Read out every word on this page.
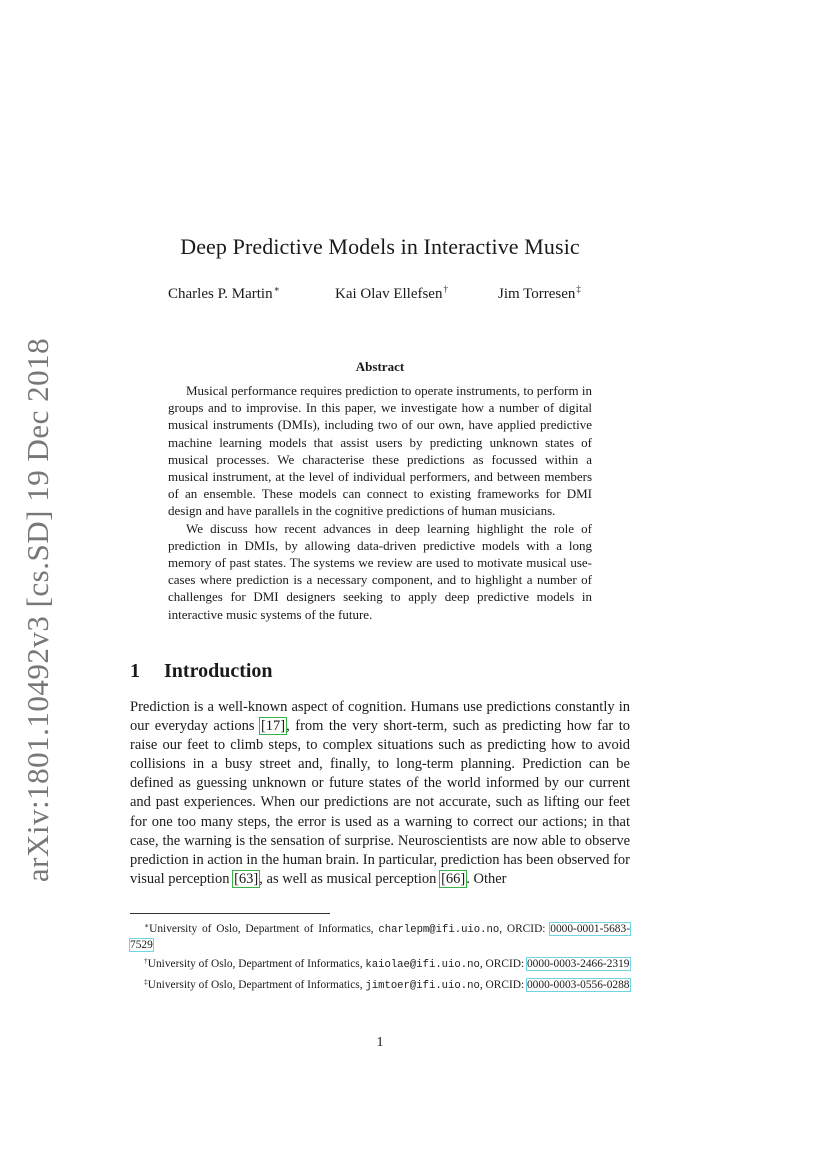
arXiv:1801.10492v3 [cs.SD] 19 Dec 2018
Deep Predictive Models in Interactive Music
Charles P. Martin∗	Kai Olav Ellefsen†	Jim Torresen‡
Abstract

Musical performance requires prediction to operate instruments, to perform in groups and to improvise. In this paper, we investigate how a number of digital musical instruments (DMIs), including two of our own, have applied predictive machine learning models that assist users by predicting unknown states of musical processes. We characterise these predictions as focussed within a musical instrument, at the level of individual performers, and between members of an ensemble. These models can connect to existing frameworks for DMI design and have parallels in the cognitive predictions of human musicians.

We discuss how recent advances in deep learning highlight the role of prediction in DMIs, by allowing data-driven predictive models with a long memory of past states. The systems we review are used to motivate musical use-cases where prediction is a necessary component, and to highlight a number of challenges for DMI designers seeking to apply deep predictive models in interactive music systems of the future.

1 Introduction

Prediction is a well-known aspect of cognition. Humans use predictions constantly in our everyday actions [17], from the very short-term, such as predicting how far to raise our feet to climb steps, to complex situations such as predicting how to avoid collisions in a busy street and, finally, to long-term planning. Prediction can be defined as guessing unknown or future states of the world informed by our current and past experiences. When our predictions are not accurate, such as lifting our feet for one too many steps, the error is used as a warning to correct our actions; in that case, the warning is the sensation of surprise. Neuroscientists are now able to observe prediction in action in the human brain. In particular, prediction has been observed for visual perception [63], as well as musical perception [66]. Other

∗University of Oslo, Department of Informatics, charlepm@ifi.uio.no, ORCID: 0000-0001-5683-7529

†University of Oslo, Department of Informatics, kaiolae@ifi.uio.no, ORCID: 0000-0003-2466-2319

‡University of Oslo, Department of Informatics, jimtoer@ifi.uio.no, ORCID: 0000-0003-0556-0288

1
